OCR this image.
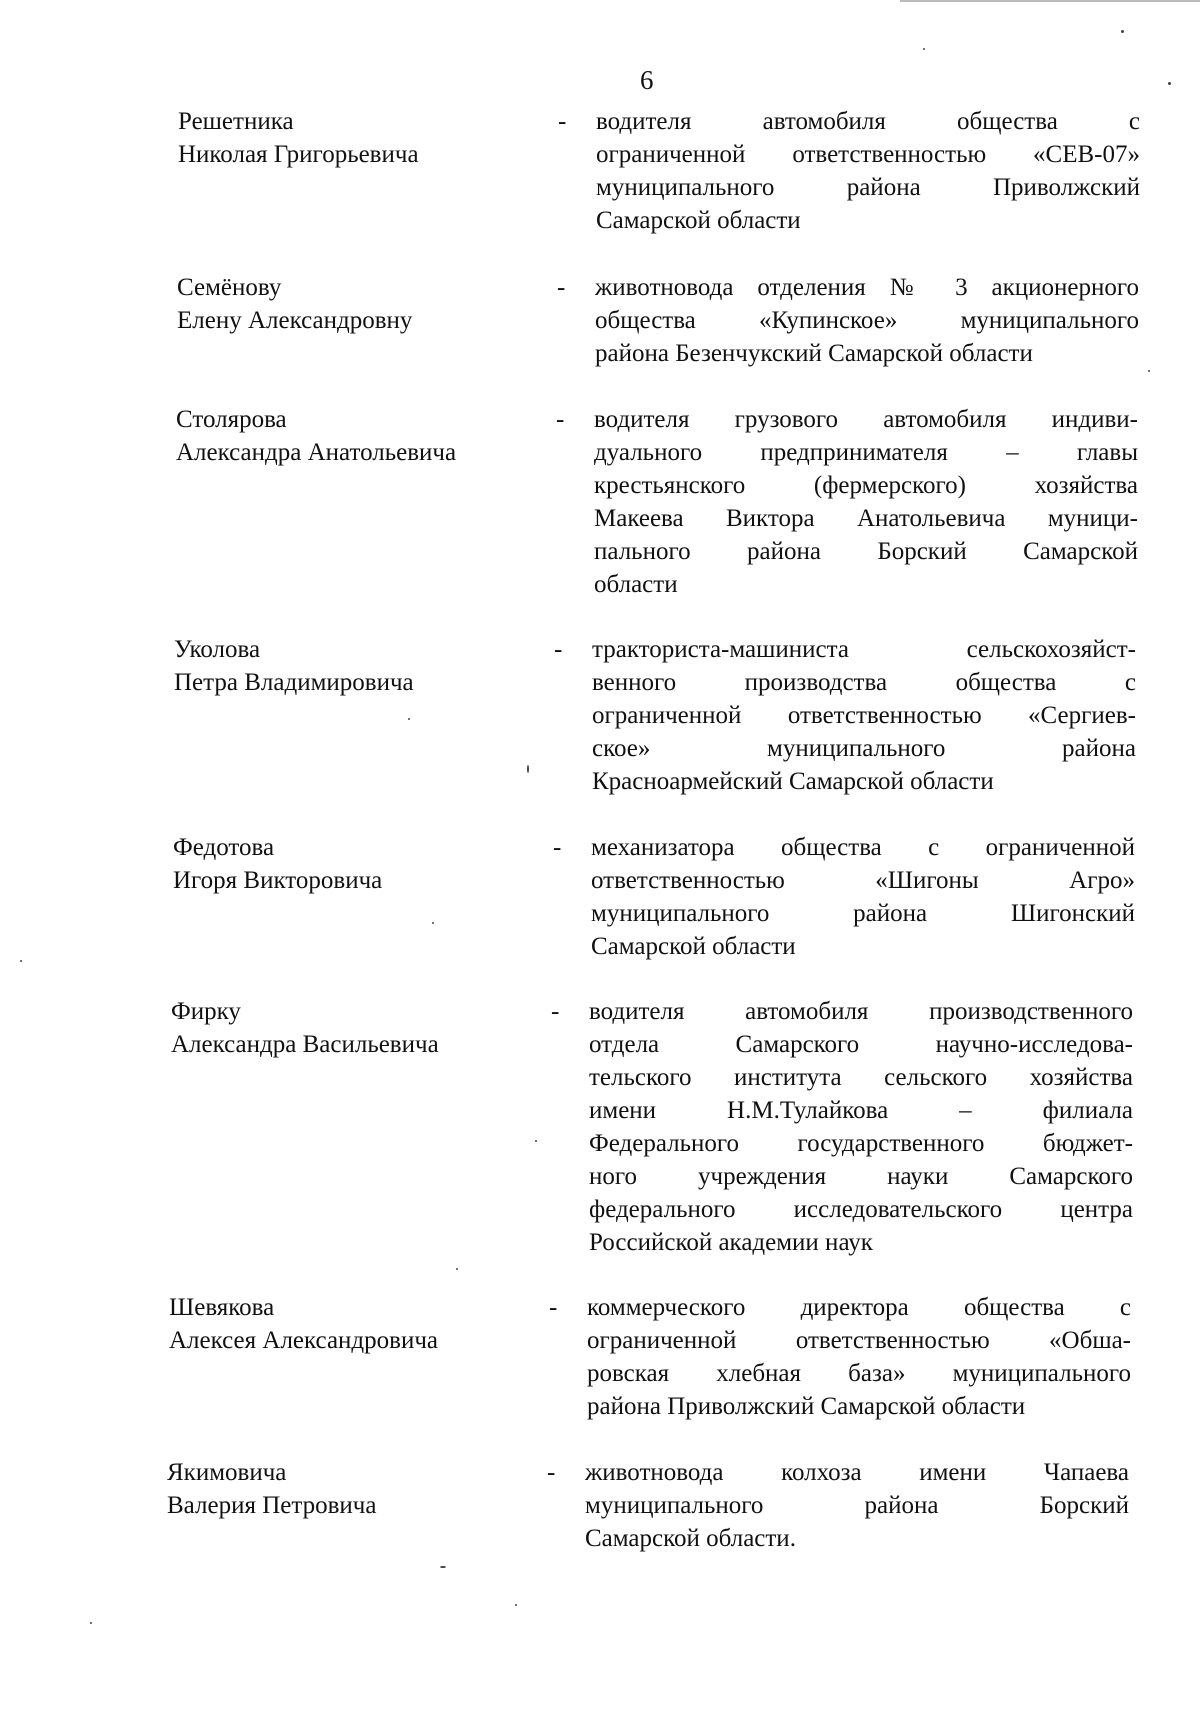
6
Решетника
Николая Григорьевича
- водителя автомобиля общества с
ограниченной ответственностью «СЕВ-07»
муниципального района Приволжский
Самарской области
Семёнову
Елену Александровну
- животновода отделения № 3 акционерного
общества «Купинское» муниципального
района Безенчукский Самарской области
Столярова
Александра Анатольевича
- водителя грузового автомобиля индиви-
дуального предпринимателя – главы
крестьянского (фермерского) хозяйства
Макеева Виктора Анатольевича муници-
пального района Борский Самарской
области
Уколова
Петра Владимировича
- тракториста-машиниста сельскохозяйст-
венного производства общества с
ограниченной ответственностью «Сергиев-
ское» муниципального района
Красноармейский Самарской области
Федотова
Игоря Викторовича
- механизатора общества с ограниченной
ответственностью «Шигоны Агро»
муниципального района Шигонский
Самарской области
Фирку
Александра Васильевича
- водителя автомобиля производственного
отдела Самарского научно-исследова-
тельского института сельского хозяйства
имени Н.М.Тулайкова – филиала
Федерального государственного бюджет-
ного учреждения науки Самарского
федерального исследовательского центра
Российской академии наук
Шевякова
Алексея Александровича
- коммерческого директора общества с
ограниченной ответственностью «Обша-
ровская хлебная база» муниципального
района Приволжский Самарской области
Якимовича
Валерия Петровича
- животновода колхоза имени Чапаева
муниципального района Борский
Самарской области.
